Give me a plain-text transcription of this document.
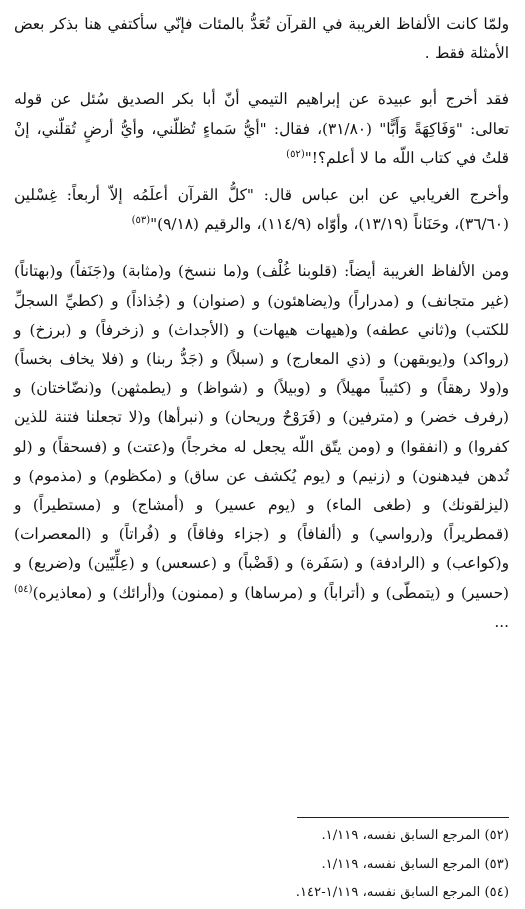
ولمّا كانت الألفاظ الغريبة في القرآن تُعَدُّ بالمئات فإنّي سأكتفي هنا بذكر بعض الأمثلة فقط .

فقد أخرج أبو عبيدة عن إبراهيم التيمي أنّ أبا بكر الصديق سُئل عن قوله تعالى: "وَفَاكِهَةً وَأَبًّا" (٣١/٨٠)، فقال: "أيُّ سَماءٍ تُظلّني، وأيُّ أرضٍ تُقلّني، إنْ قلتُ في كتاب اللّه ما لا أعلم؟!"$^{(٥٢)}$

وأخرج الغريابي عن ابن عباس قال: "كلُّ القرآن أعلَمُه إلاّ أربعاً: غِسْلين (٣٦/٦٠)، وحَنَاناً (١٣/١٩)، وأوّاه (١١٤/٩)، والرقيم (٩/١٨)"$^{(٥٣)}$

ومن الألفاظ الغريبة أيضاً: (قلوبنا غُلْف) و(ما ننسخ) و(مثابة) و(جَنَفاً) و(بهتاناً) (غير متجانف) و (مدراراً) و(يضاهئون) و (صنوان) و (جُذاذاً) و (كطيِّ السجلِّ للكتب) و(ثاني عطفه) و(هيهات هيهات) و (الأجداث) و (زخرفاً) و (برزخ) و (رواكد) و(يوبقهن) و (ذي المعارج) و (سبلاً) و (جَدُّ ربنا) و (فلا يخاف بخساً) و(ولا رهقاً) و (كثيباً مهيلاً) و (وبيلاً) و (شواظ) و (يطمثهن) و(نضّاختان) و (رفرف خضر) و (مترفين) و (فَرَوْحٌ وريحان) و (نبرأها) و(لا تجعلنا فتنة للذين كفروا) و (انفقوا) و (ومن يتّق اللّه يجعل له مخرجاً) و(عتت) و (فسحقاً) و (لو تُدهن فيدهنون) و (زنيم) و (يوم يُكشف عن ساق) و (مكظوم) و (مذموم) و (ليزلقونك) و (طغى الماء) و (يوم عسير) و (أمشاج) و (مستطيراً) و (قمطريراً) و(رواسي) و (ألفافاً) و (جزاء وفاقاً) و (فُراتاً) و (المعصرات) و(كواعب) و (الرادفة) و (سَفَرة) و (قَضْباً) و (عسعس) و (عِلِّيّين) و(ضريع) و (حسير) و (يتمطّى) و (أتراباً) و (مرساها) و (ممنون) و(أرائك) و (معاذيره)$^{(٥٤)}$ ...

(٥٢) المرجع السابق نفسه، ١/١١٩.

(٥٣) المرجع السابق نفسه، ١/١١٩.

(٥٤) المرجع السابق نفسه، ١/١١٩-١٤٢.
